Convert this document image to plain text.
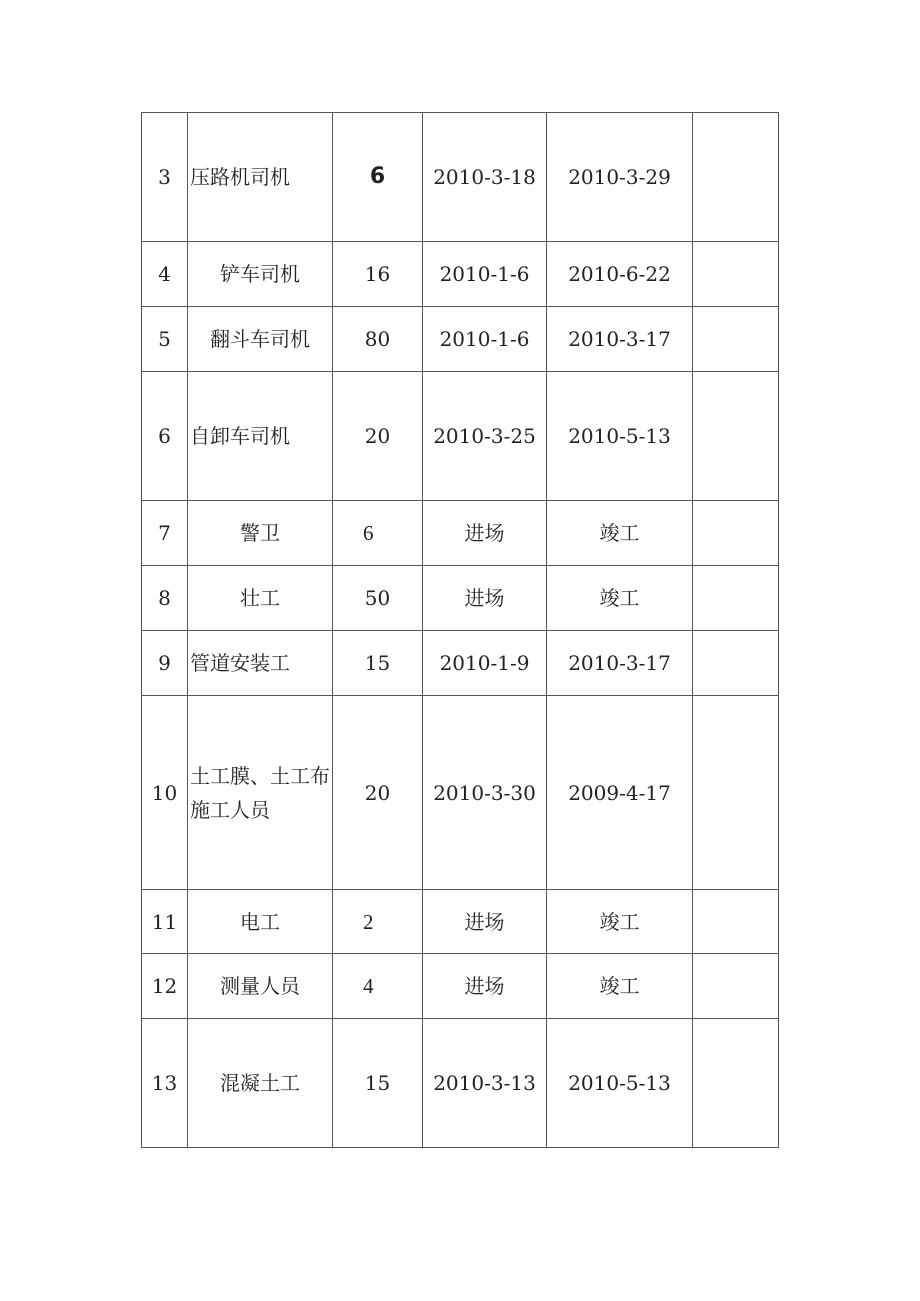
3	压路机司机	6	2010-3-18	2010-3-29	
4	铲车司机	16	2010-1-6	2010-6-22	
5	翻斗车司机	80	2010-1-6	2010-3-17	
6	自卸车司机	20	2010-3-25	2010-5-13	
7	警卫	6	进场	竣工	
8	壮工	50	进场	竣工	
9	管道安装工	15	2010-1-9	2010-3-17	
10	土工膜、土工布施工人员	20	2010-3-30	2009-4-17	
11	电工	2	进场	竣工	
12	测量人员	4	进场	竣工	
13	混凝土工	15	2010-3-13	2010-5-13	
